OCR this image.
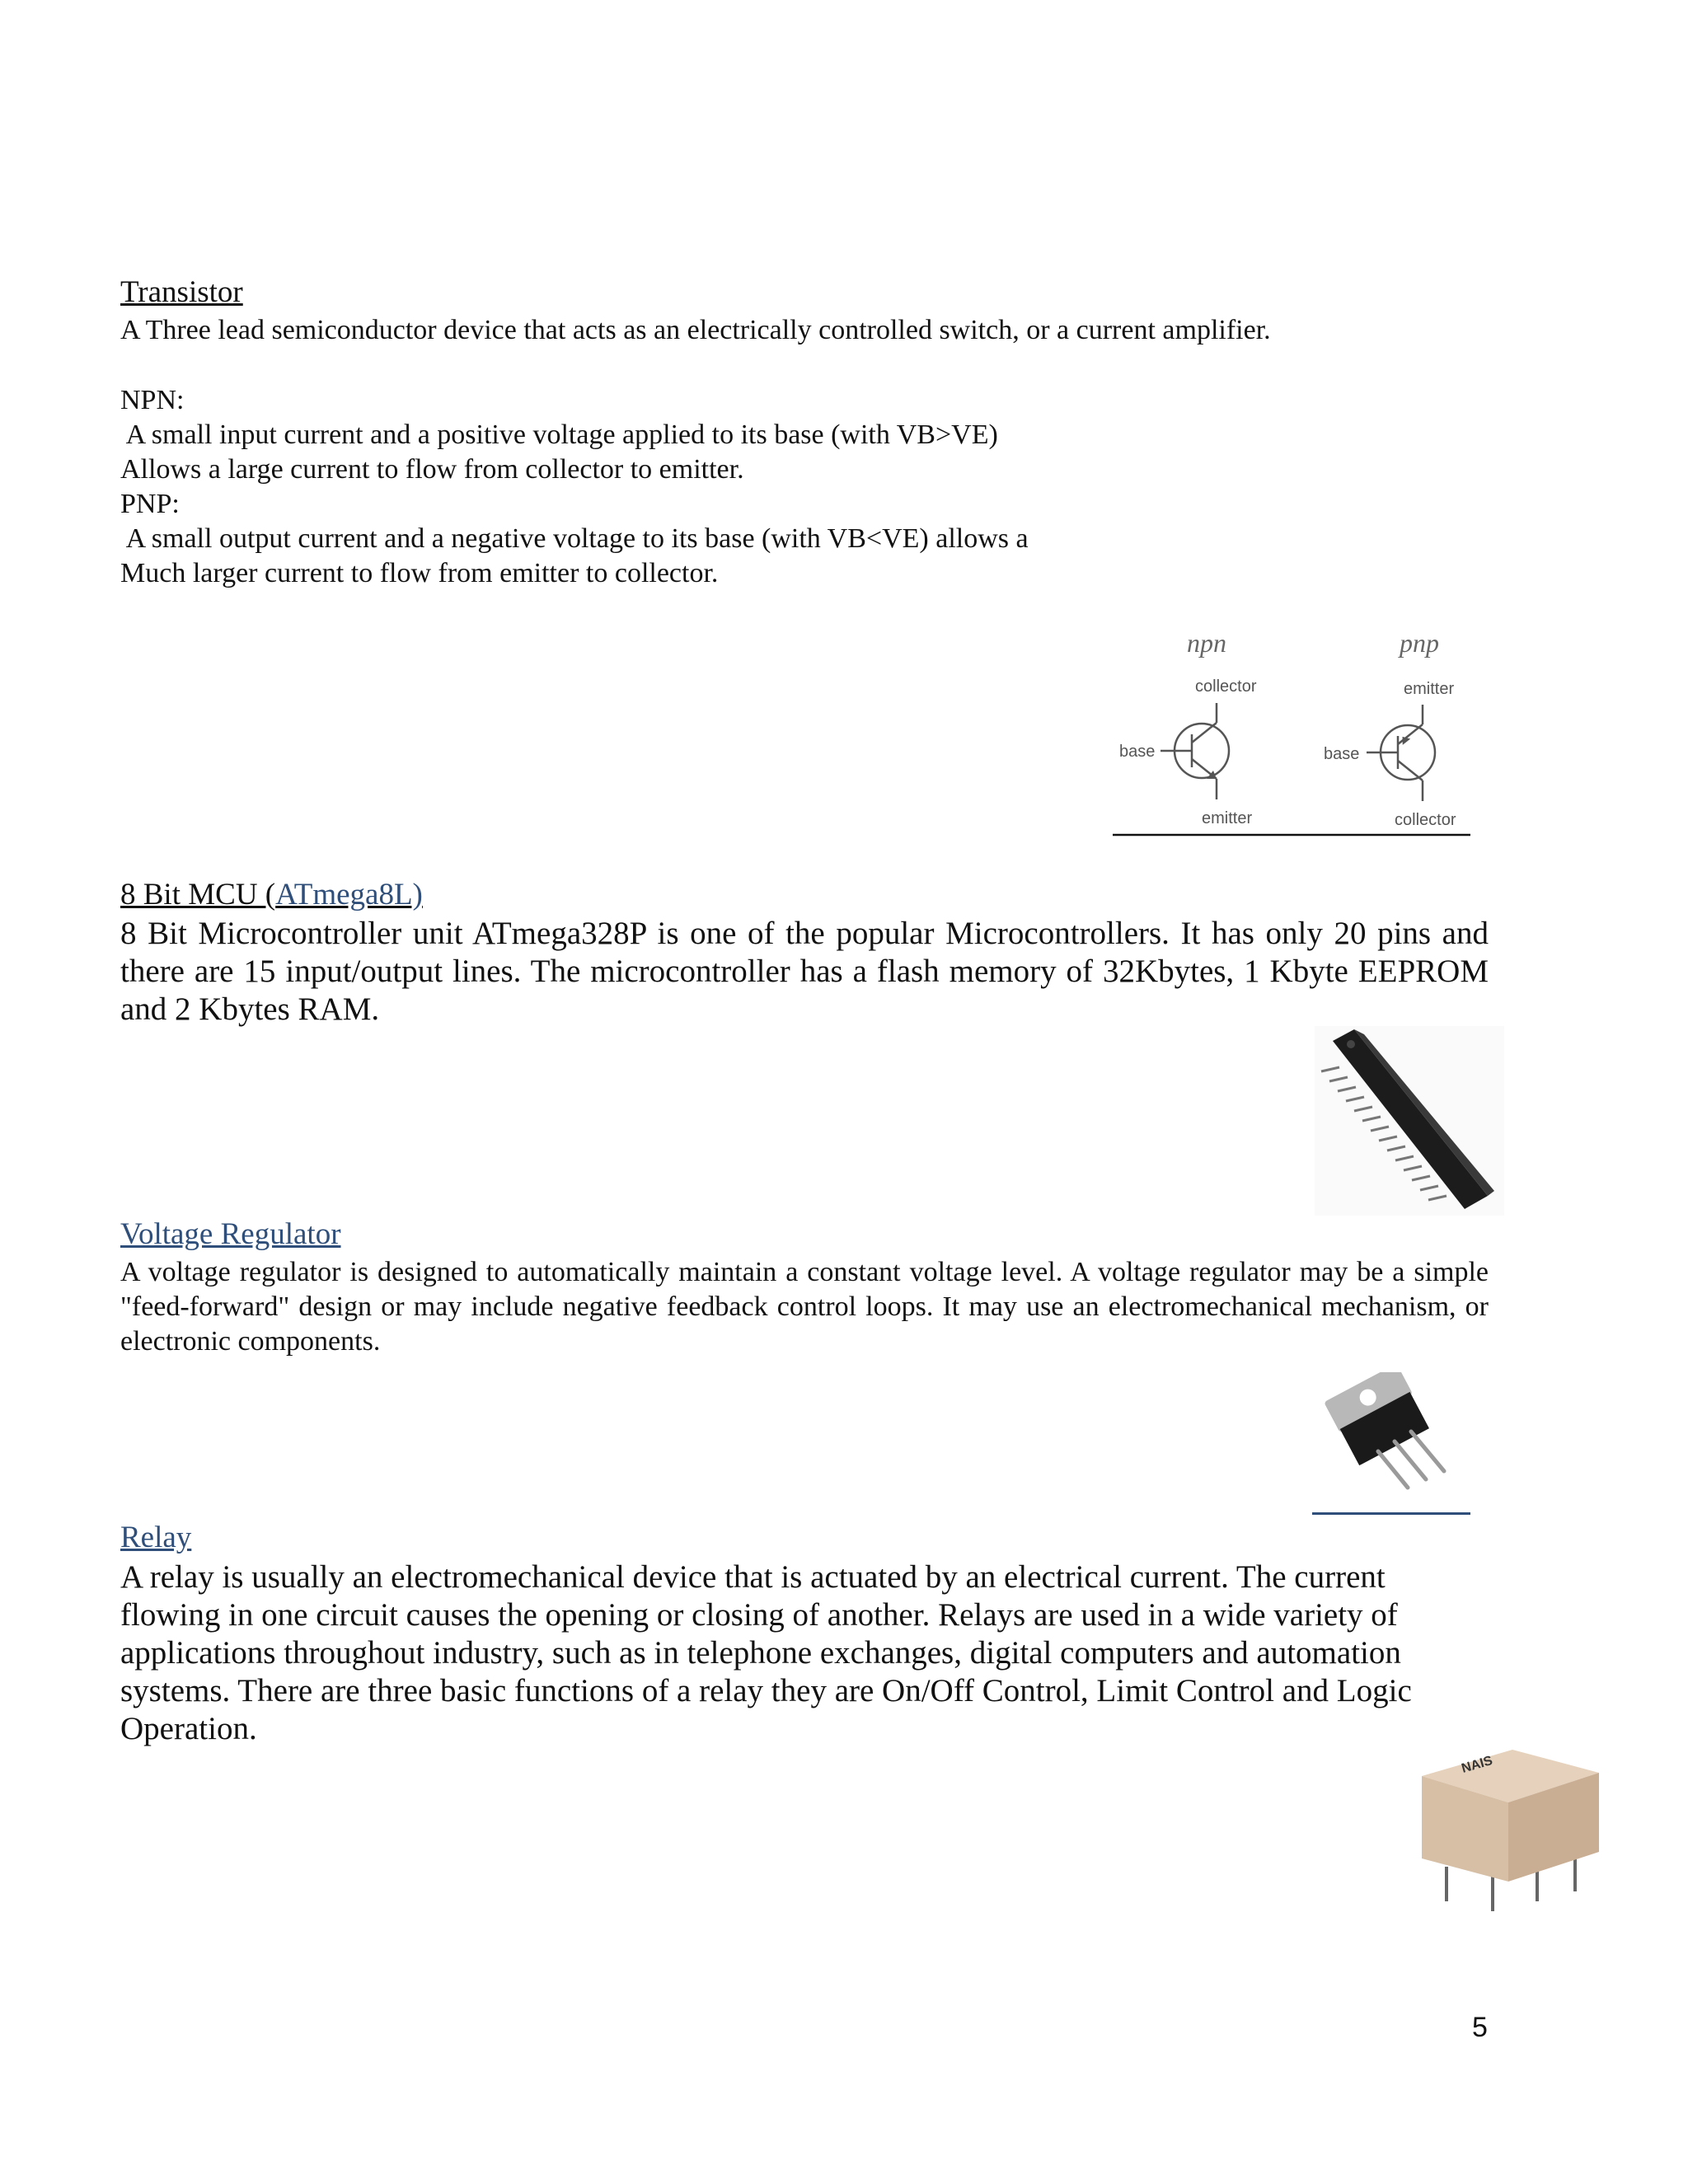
Transistor
A Three lead semiconductor device that acts as an electrically controlled switch, or a current amplifier.
NPN:
A small input current and a positive voltage applied to its base (with VB>VE)
Allows a large current to flow from collector to emitter.
PNP:
A small output current and a negative voltage to its base (with VB<VE) allows a
Much larger current to flow from emitter to collector.
npn
collector
base
emitter
pnp
emitter
base
collector
8 Bit MCU (ATmega8L)
8 Bit Microcontroller unit ATmega328P is one of the popular Microcontrollers. It has only 20 pins and there are 15 input/output lines. The microcontroller has a flash memory of 32Kbytes, 1 Kbyte EEPROM and 2 Kbytes RAM.
Voltage Regulator
A voltage regulator is designed to automatically maintain a constant voltage level. A voltage regulator may be a simple "feed-forward" design or may include negative feedback control loops. It may use an electromechanical mechanism, or electronic components.
Relay
A relay is usually an electromechanical device that is actuated by an electrical current. The current
flowing in one circuit causes the opening or closing of another. Relays are used in a wide variety of
applications throughout industry, such as in telephone exchanges, digital computers and automation
systems. There are three basic functions of a relay they are On/Off Control, Limit Control and Logic
Operation.
NAIS
5
